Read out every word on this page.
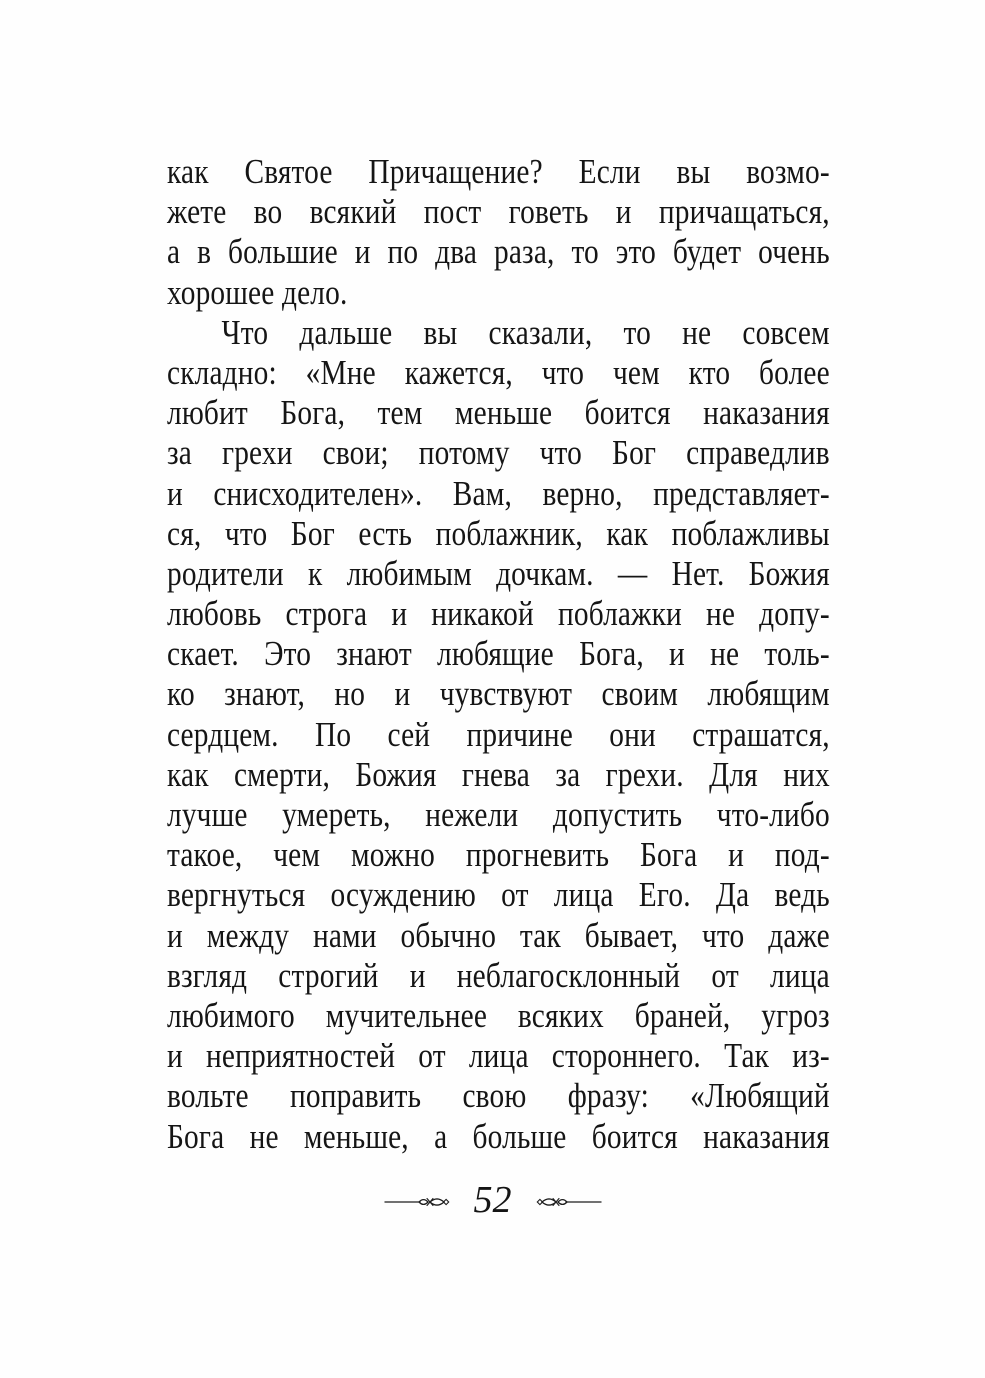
как Святое Причащение? Если вы возмо-
жете во всякий пост говеть и причащаться,
а в большие и по два раза, то это будет очень
хорошее дело.
Что дальше вы сказали, то не совсем
складно: «Мне кажется, что чем кто более
любит Бога, тем меньше боится наказания
за грехи свои; потому что Бог справедлив
и снисходителен». Вам, верно, представляет-
ся, что Бог есть поблажник, как поблажливы
родители к любимым дочкам. — Нет. Божия
любовь строга и никакой поблажки не допу-
скает. Это знают любящие Бога, и не толь-
ко знают, но и чувствуют своим любящим
сердцем. По сей причине они страшатся,
как смерти, Божия гнева за грехи. Для них
лучше умереть, нежели допустить что-либо
такое, чем можно прогневить Бога и под-
вергнуться осуждению от лица Его. Да ведь
и между нами обычно так бывает, что даже
взгляд строгий и неблагосклонный от лица
любимого мучительнее всяких браней, угроз
и неприятностей от лица стороннего. Так из-
вольте поправить свою фразу: «Любящий
Бога не меньше, а больше боится наказания
52
